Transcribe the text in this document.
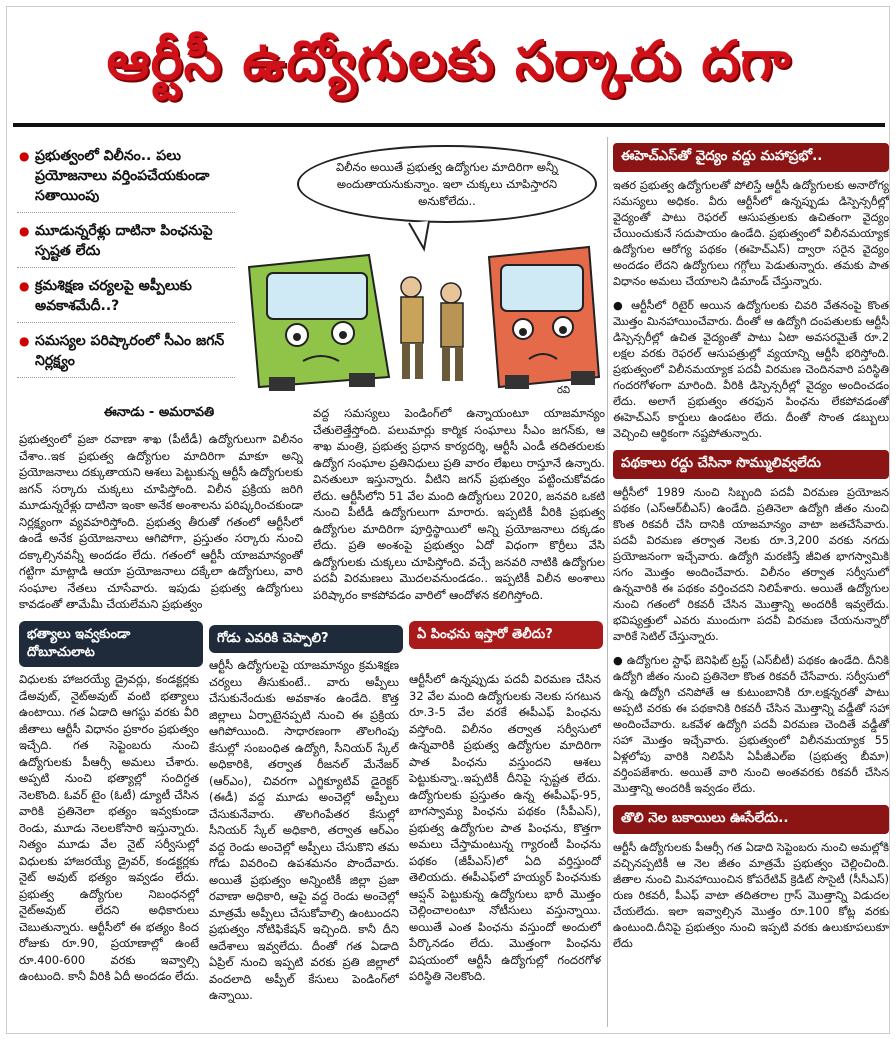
ఆర్టీసీ ఉద్యోగులకు సర్కారు దగా
● ప్రభుత్వంలో విలీనం.. పలు ప్రయోజనాలు వర్తింపచేయకుండా సతాయింపు
● మూడున్నరేళ్లు దాటినా పింఛనుపై స్పష్టత లేదు
● క్రమశిక్షణ చర్యలపై అప్పీలుకు అవకాశమేదీ..?
● సమస్యల పరిష్కారంలో సీఎం జగన్ నిర్లక్ష్యం
విలీనం అయితే ప్రభుత్వ ఉద్యోగుల మాదిరిగా అన్నీ అందుతాయనుకున్నాం. ఇలా చుక్కలు చూపిస్తారని అనుకోలేదు..
రవి
ఈనాడు - అమరావతి
ప్రభుత్వంలో ప్రజా రవాణా శాఖ (పీటీడీ) ఉద్యోగులుగా విలీనం చేశాం..ఇక ప్రభుత్వ ఉద్యోగుల మాదిరిగా మాకూ అన్ని ప్రయోజనాలు దక్కుతాయని ఆశలు పెట్టుకున్న ఆర్టీసీ ఉద్యోగులకు జగన్ సర్కారు చుక్కలు చూపిస్తోంది. విలీన ప్రక్రియ జరిగి మూడున్నరేళ్లు దాటినా ఇంకా అనేక అంశాలను పరిష్కరించకుండా నిర్లక్ష్యంగా వ్యవహరిస్తోంది. ప్రభుత్వ తీరుతో గతంలో ఆర్టీసీలో ఉండే అనేక ప్రయోజనాలు ఆగిపోగా, ప్రస్తుతం సర్కారు నుంచి దక్కాల్సినవన్నీ అందడం లేదు. గతంలో ఆర్టీసీ యాజమాన్యంతో గట్టిగా మాట్లాడి ఆయా ప్రయోజనాలు దక్కేలా ఉద్యోగులు, వారి సంఘాల నేతలు చూసేవారు. ఇపుడు ప్రభుత్వ ఉద్యోగులు కావడంతో తామేమీ చేయలేమని ప్రభుత్వం
వద్ద సమస్యలు పెండింగ్‌లో ఉన్నాయంటూ యాజమాన్యం చేతులెత్తేస్తోంది. పలుమార్లు కార్మిక సంఘాలు సీఎం జగన్‌కు, ఆ శాఖ మంత్రి, ప్రభుత్వ ప్రధాన కార్యదర్శి, ఆర్టీసీ ఎండీ తదితరులకు ఉద్యోగ సంఘాల ప్రతినిధులు ప్రతి వారం లేఖలు రాస్తూనే ఉన్నారు. వినతులూ ఇస్తున్నారు. వీటిని జగన్ ప్రభుత్వం పట్టించుకోవడం లేదు. ఆర్టీసీలోని 51 వేల మంది ఉద్యోగులు 2020, జనవరి ఒకటి నుంచి పీటీడీ ఉద్యోగులుగా మారారు. ఇప్పటికీ వీరికి ప్రభుత్వ ఉద్యోగుల మాదిరిగా పూర్తిస్థాయిలో అన్ని ప్రయోజనాలు దక్కడం లేదు. ప్రతి అంశంపై ప్రభుత్వం ఏదో విధంగా కొర్రీలు వేసి ఉద్యోగులకు చుక్కలు చూపిస్తోంది. వచ్చే జనవరి నాటికి ఉద్యోగుల పదవీ విరమణలు మొదలవనుండడం.. ఇప్పటికీ విలీన అంశాలు పరిష్కారం కాకపోవడం వారిలో ఆందోళన కలిగిస్తోంది.
భత్యాలు ఇవ్వకుండా దోబూచులాట
విధులకు హాజరయ్యే డ్రైవర్లు, కండక్టర్లకు డేఅవుట్, నైట్‌అవుట్ వంటి భత్యాలు ఉంటాయి. గత ఏడాది ఆగస్టు వరకు వీరి జీతాలు ఆర్టీసీ విధానం ప్రకారం ప్రభుత్వం ఇచ్చేది. గత సెప్టెంబరు నుంచి ఉద్యోగులకు పీఆర్సీ అమలు చేశారు. అప్పటి నుంచి భత్యాల్లో సందిగ్ధత నెలకొంది. ఓవర్ టైం (ఓటీ) డ్యూటీ చేసిన వారికి ప్రతినెలా భత్యం ఇవ్వకుండా రెండు, మూడు నెలలకోసారి ఇస్తున్నారు. నిత్యం మూడు వేల నైట్ సర్వీసుల్లో విధులకు హాజరయ్యే డ్రైవర్, కండక్టర్లకు నైట్ అవుట్ భత్యం ఇవ్వడం లేదు. ప్రభుత్వ ఉద్యోగుల నిబంధనల్లో నైట్‌అవుట్ లేదని అధికారులు చెబుతున్నారు. ఆర్టీసీలో ఈ భత్యం కింద రోజుకు రూ.90, ప్రయాణాల్లో ఉంటే రూ.400-600 వరకు ఇవ్వాల్సి ఉంటుంది. కానీ వీరికి ఏదీ అందడం లేదు.
గోడు ఎవరికి చెప్పాలి?
ఆర్టీసీ ఉద్యోగులపై యాజమాన్యం క్రమశిక్షణ చర్యలు తీసుకుంటే.. వారు అప్పీలు చేసుకునేందుకు అవకాశం ఉండేది. కొత్త జిల్లాలు ఏర్పాటైనప్పటి నుంచి ఈ ప్రక్రియ ఆగిపోయింది. సాధారణంగా తొలగింపు కేసుల్లో సంబంధిత ఉద్యోగి, సీనియర్ స్కేల్ అధికారికి, తర్వాత రీజనల్ మేనేజర్ (ఆర్‌ఎం), చివరగా ఎగ్జిక్యూటివ్ డైరెక్టర్ (ఈడీ) వద్ద మూడు అంచెల్లో అప్పీలు చేసుకునేవారు. తొలగింపేతర కేసుల్లో సీనియర్ స్కేల్ అధికారి, తర్వాత ఆర్‌ఎం వద్ద రెండు అంచెల్లో అప్పీలు చేసుకొని తమ గోడు వివరించి ఉపశమనం పొందేవారు. అయితే ప్రభుత్వం అన్నింటికీ జిల్లా ప్రజా రవాణా అధికారి, ఆపై వద్ద రెండు అంచెల్లో మాత్రమే అప్పీలు చేసుకోవాల్సి ఉంటుందని ప్రభుత్వం నోటిఫికేషన్ ఇచ్చింది. కానీ దీని ఆదేశాలు ఇవ్వలేదు. దీంతో గత ఏడాది ఏప్రిల్ నుంచి ఇప్పటి వరకు ప్రతి జిల్లాలో వందలాది అప్పీల్ కేసులు పెండింగ్‌లో ఉన్నాయి.
ఏ పింఛను ఇస్తారో తెలీదు?
ఆర్టీసీలో ఉన్నప్పుడు పదవీ విరమణ చేసిన 32 వేల మంది ఉద్యోగులకు నెలకు సగటున రూ.3-5 వేల వరకే ఈపీఎఫ్ పింఛను వస్తోంది. విలీనం తర్వాత సర్వీసులో ఉన్నవారికి ప్రభుత్వ ఉద్యోగుల మాదిరిగా పాత పింఛను వస్తుందని ఆశలు పెట్టుకున్నా..ఇప్పటికీ దీనిపై స్పష్టత లేదు. ఉద్యోగులకు ప్రస్తుతం ఉన్న ఈపీఎఫ్‌-95, బాగస్వామ్య పింఛను పథకం (సీపీఎస్), ప్రభుత్వ ఉద్యోగుల పాత పింఛను, కొత్తగా అమలు చేస్తామంటున్న గ్యారంటీ పింఛను పథకం (జీపీఎస్)లో ఏది వర్తిస్తుందో తెలియదు. ఈపీఎఫ్‌లో హయ్యర్ పింఛనుకు ఆప్షన్ పెట్టుకున్న ఉద్యోగులు భారీ మొత్తం చెల్లించాలంటూ నోటీసులు వస్తున్నాయి. అయితే ఎంత పింఛను వస్తుందో అందులో పేర్కొనడం లేదు. మొత్తంగా పింఛను విషయంలో ఆర్టీసీ ఉద్యోగుల్లో గందరగోళ పరిస్థితి నెలకొంది.
ఈహెచ్‌ఎస్‌తో వైద్యం వద్దు మహాప్రభో..
ఇతర ప్రభుత్వ ఉద్యోగులతో పోలిస్తే ఆర్టీసీ ఉద్యోగులకు అనారోగ్య సమస్యలు అధికం. వీరు ఆర్టీసీలో ఉన్నప్పుడు డిస్పెన్సరీల్లో వైద్యంతో పాటు రెఫరల్ ఆసుపత్రులకు ఉచితంగా వైద్యం చేయించుకునే సదుపాయం ఉండేది. ప్రభుత్వంలో విలీనమయ్యాక ఉద్యోగుల ఆరోగ్య పథకం (ఈహెచ్‌ఎస్) ద్వారా సరైన వైద్యం అందడం లేదని ఉద్యోగులు గగ్గోలు పెడుతున్నారు. తమకు పాత విధానం అమలు చేయాలని డిమాండ్ చేస్తున్నారు.
● ఆర్టీసీలో రిటైర్ అయిన ఉద్యోగులకు చివరి వేతనంపై కొంత మొత్తం మినహాయించేవారు. దీంతో ఆ ఉద్యోగి దంపతులకు ఆర్టీసీ డిస్పెన్సరీల్లో ఉచిత వైద్యంతో పాటు ఏటా అవసరమైతే రూ.2 లక్షల వరకు రెఫరల్ ఆసుపత్రుల్లో వ్యయాన్ని ఆర్టీసీ భరిస్తోంది. ప్రభుత్వంలో విలీనమయ్యాక పదవీ విరమణ చెందినవారి పరిస్థితి గందరగోళంగా మారింది. వీరికి డిస్పెన్సరీల్లో వైద్యం అందించడం లేదు. అలాగే ప్రభుత్వం తరఫున పింఛను లేకపోవడంతో ఈహెచ్‌ఎస్ కార్డులు ఉండటం లేదు. దీంతో సొంత డబ్బులు వెచ్చించి ఆర్థికంగా నష్టపోతున్నారు.
పథకాలు రద్దు చేసినా సొమ్ములివ్వలేదు
ఆర్టీసీలో 1989 నుంచి సిబ్బంది పదవీ విరమణ ప్రయోజన పథకం (ఎస్‌ఆర్‌బీఎస్) ఉండేది. ప్రతినెలా ఉద్యోగి జీతం నుంచి కొంత రికవరీ చేసి దానికి యాజమాన్యం వాటా జతచేసేవారు. పదవీ విరమణ తర్వాత నెలకు రూ.3,200 వరకు నగదు ప్రయోజనంగా ఇచ్చేవారు. ఉద్యోగి మరణిస్తే జీవిత భాగస్వామికి సగం మొత్తం అందించేవారు. విలీనం తర్వాత సర్వీసులో ఉన్నవారికి ఈ పథకం వర్తించదని నిలిపేశారు. అయితే ఉద్యోగుల నుంచి గతంలో రికవరీ చేసిన మొత్తాన్ని అందరికీ ఇవ్వలేదు. భవిష్యత్తులో ఎవరు ముందుగా పదవీ విరమణ చేయనున్నారో వారికే సెటిల్ చేస్తున్నారు.
● ఉద్యోగుల స్టాఫ్ బెనిఫిట్ ట్రస్ట్ (ఎస్‌బీటీ) పథకం ఉండేది. దీనికి ఉద్యోగి జీతం నుంచి ప్రతినెలా కొంత రికవరీ చేసేవారు. సర్వీసులో ఉన్న ఉద్యోగి చనిపోతే ఆ కుటుంబానికి రూ.లక్షన్నరతో పాటు అప్పటి వరకు ఈ పథకానికి రికవరీ చేసిన మొత్తాన్ని వడ్డీతో సహా అందించేవారు. ఒకవేళ ఉద్యోగి పదవీ విరమణ చెందితే వడ్డీతో సహా మొత్తం ఇచ్చేవారు. ప్రభుత్వంలో విలీనమయ్యాక 55 ఏళ్లలోపు వారికి నిలిపేసి ఏపీజీఎల్ఐ (ప్రభుత్వ బీమా) వర్తింపజేశారు. అయితే వారి నుంచి అంతవరకు రికవరీ చేసిన మొత్తాన్ని అందరికీ ఇవ్వడం లేదు.
తొలి నెల బకాయిలు ఊసేలేదు..
ఆర్టీసీ ఉద్యోగులకు పీఆర్సీ గత ఏడాది సెప్టెంబరు నుంచి అమల్లోకి వచ్చినప్పటికీ ఆ నెల జీతం మాత్రమే ప్రభుత్వం చెల్లించింది. జీతాల నుంచి మినహాయించిన కోపరేటివ్ క్రెడిట్ సొసైటీ (సీసీఎస్) రుణ రికవరీ, పీఎఫ్ వాటా తదితరాల గ్రాస్ మొత్తాన్ని విడుదల చేయలేదు. ఇలా ఇవ్వాల్సిన మొత్తం రూ.100 కోట్ల వరకు ఉంటుంది.దీనిపై ప్రభుత్వం నుంచి ఇప్పటి వరకు ఉలుకూపలుకూ లేదు
